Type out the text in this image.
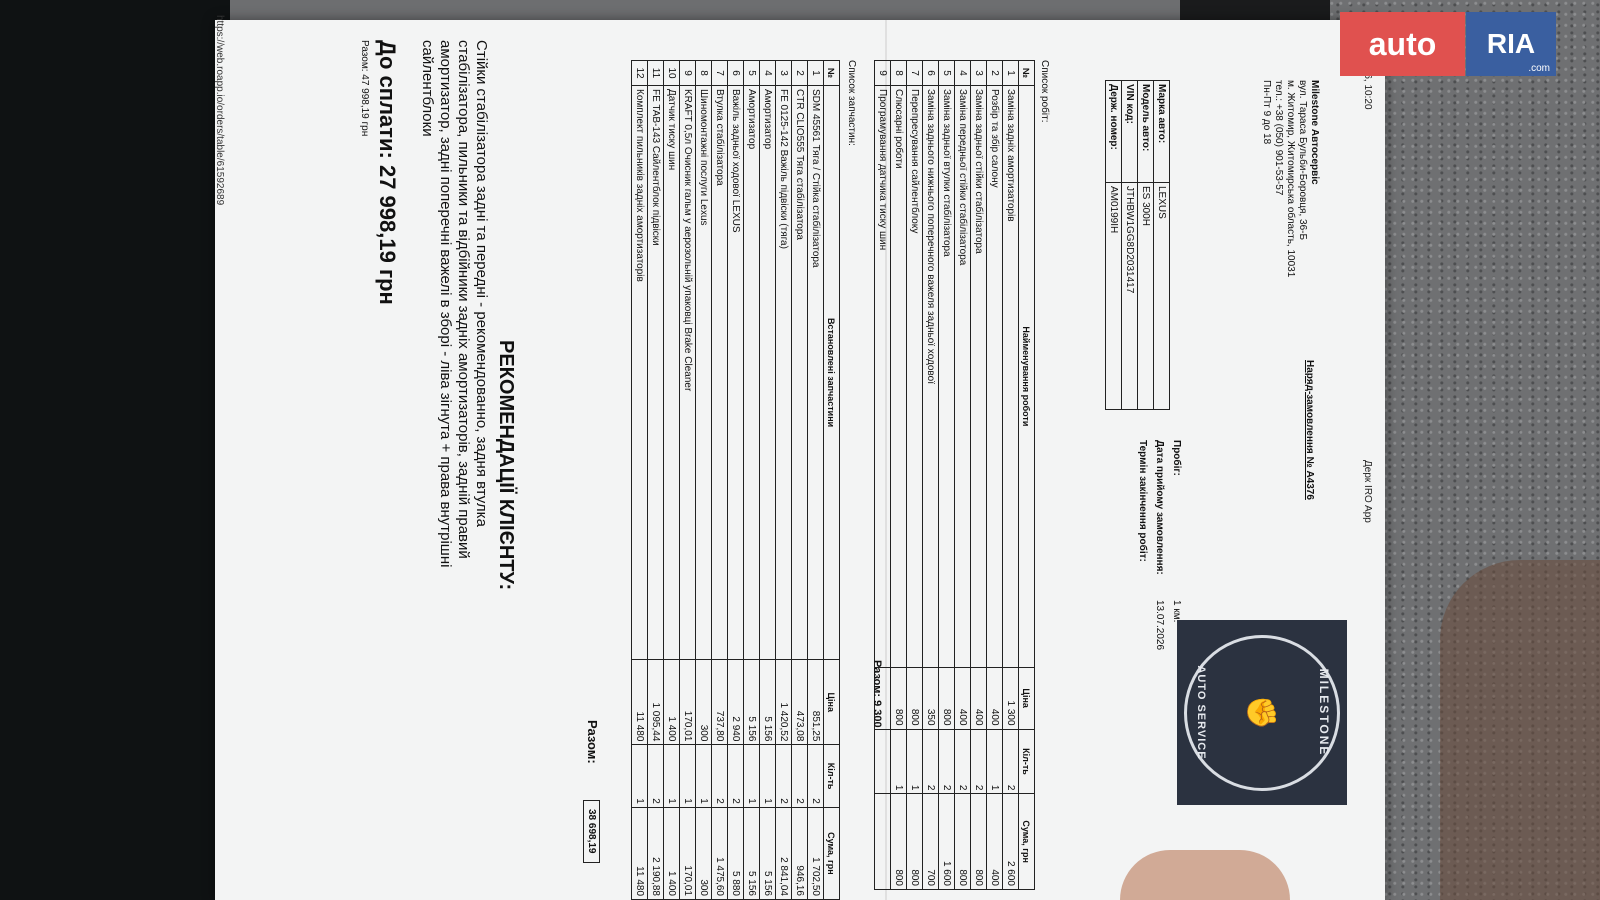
Дерк IRO App
Milestone Автосервіс
вул. Тараса Бульби-Боровця, 36-Б
м. Житомир, Житомирська область, 10031
тел.: +38 (050) 901-53-57
Пн-Пт 9 до 18
Наряд-замовлення № A4376
MILESTONE
✊
AUTO SERVICE
Марка авто:	LEXUS
Модель авто:	ES 300H
VIN код:	JTHBW1GG8D2031417
Держ. номер:	AM0199IH
Пробіг:1 км.
Дата прийому замовлення:13.07.2026
Термін закінчення робіт:
Список робіт:
№	Найменування роботи	Ціна	Кіл-ть	Сума, грн
1	Заміна задніх амортизаторів	1 300	2	2 600
2	Розбір та збір салону	400	1	400
3	Заміна задньої стійки стабілізатора	400	2	800
4	Заміна передньої стійки стабілізатора	400	2	800
5	Заміна задньої втулки стабілізатора	800	2	1 600
6	Заміна заднього нижнього поперечного важеля задньої ходової	350	2	700
7	Перепресування сайлентблоку	800	1	800
8	Слюсарні роботи	800	1	800
9	Програмування датчика тиску шин			
Разом: 9 300
Список запчастин:
№	Встановлені запчастини	Ціна	Кіл-ть	Сума, грн
1	SDM 45561 Тяга / Стійка стабілізатора	851,25	2	1 702,50
2	CTR CLIO555 Тяга стабілізатора	473,08	2	946,16
3	FE 0125-142 Важіль підвіски (тяга)	1 420,52	2	2 841,04
4	Амортизатор	5 156	1	5 156
5	Амортизатор	5 156	1	5 156
6	Важіль задньої ходової LEXUS	2 940	2	5 880
7	Втулка стабілізатора	737,80	2	1 475,60
8	Шиномонтажні послуги Lexus	300	1	300
9	KRAFT 0,5л Очисник гальм у аерозольній упаковці Brake Cleaner	170,01	1	170,01
10	Датчик тиску шин	1 400	1	1 400
11	FE TAB-143 Сайлентблок підвіски	1 095,44	2	2 190,88
12	Комплект пильників задніх амортизаторів	11 480	1	11 480
Разом:
38 698,19
РЕКОМЕНДАЦІЇ КЛІЄНТУ:
Стійки стабілізатора задні та передні - рекомендованно, задня втулка стабілізатора, пильники та відбійники задніх амортизаторів, задній правий амортизатор, задні поперечні важелі в зборі - ліва зігнута + права внутрішні сайлентблоки
До сплати: 27 998,19 грн
Разом: 47 998,19 грн
https://web.roapp.io/orders/table/61592689	auto	RIA
.com
